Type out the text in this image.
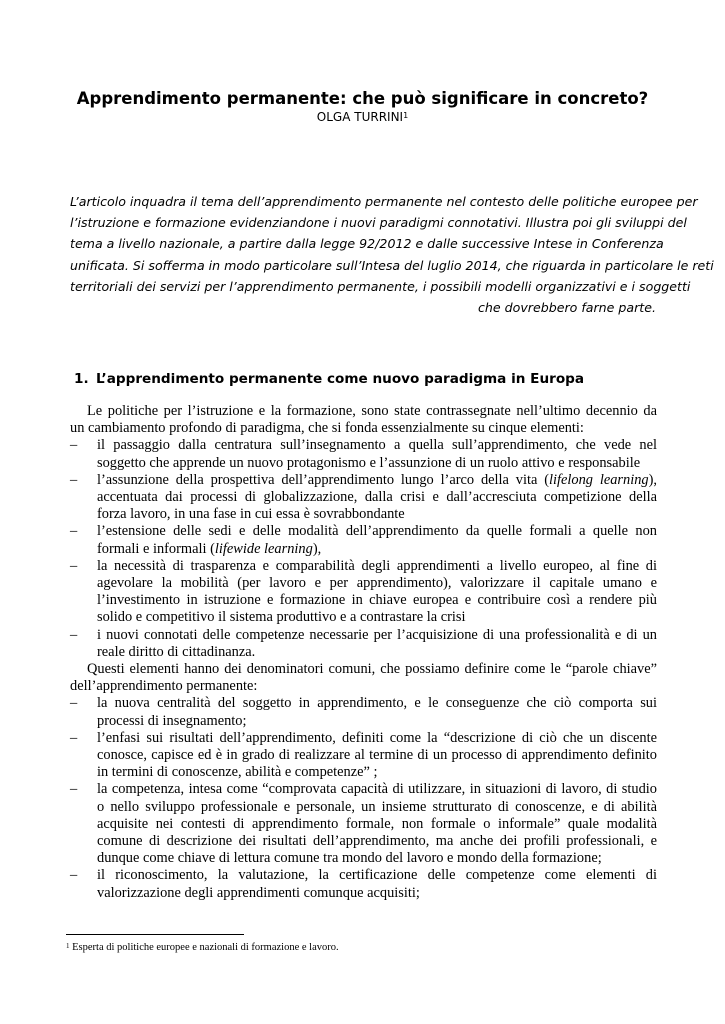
Apprendimento permanente: che può significare in concreto?
OLGA TURRINI$^1$
L’articolo inquadra il tema dell’apprendimento permanente nel contesto delle politiche europee per
l’istruzione e formazione evidenziandone i nuovi paradigmi connotativi. Illustra poi gli sviluppi del
tema a livello nazionale, a partire dalla legge 92/2012 e dalle successive Intese in Conferenza
unificata. Si sofferma in modo particolare sull’Intesa del luglio 2014, che riguarda in particolare le reti
territoriali dei servizi per l’apprendimento permanente, i possibili modelli organizzativi e i soggetti
che dovrebbero farne parte.
1. L’apprendimento permanente come nuovo paradigma in Europa
Le politiche per l’istruzione e la formazione, sono state contrassegnate nell’ultimo decennio da
un cambiamento profondo di paradigma, che si fonda essenzialmente su cinque elementi:
–	il passaggio dalla centratura sull’insegnamento a quella sull’apprendimento, che vede nel
soggetto che apprende un nuovo protagonismo e l’assunzione di un ruolo attivo e responsabile
–	l’assunzione della prospettiva dell’apprendimento lungo l’arco della vita (lifelong learning),
accentuata dai processi di globalizzazione, dalla crisi e dall’accresciuta competizione della
forza lavoro, in una fase in cui essa è sovrabbondante
–	l’estensione delle sedi e delle modalità dell’apprendimento da quelle formali a quelle non
formali e informali (lifewide learning),
–	la necessità di trasparenza e comparabilità degli apprendimenti a livello europeo, al fine di
agevolare la mobilità (per lavoro e per apprendimento), valorizzare il capitale umano e
l’investimento in istruzione e formazione in chiave europea e contribuire così a rendere più
solido e competitivo il sistema produttivo e a contrastare la crisi
–	i nuovi connotati delle competenze necessarie per l’acquisizione di una professionalità e di un
reale diritto di cittadinanza.
Questi elementi hanno dei denominatori comuni, che possiamo definire come le “parole chiave”
dell’apprendimento permanente:
–	la nuova centralità del soggetto in apprendimento, e le conseguenze che ciò comporta sui
processi di insegnamento;
–	l’enfasi sui risultati dell’apprendimento, definiti come la “descrizione di ciò che un discente
conosce, capisce ed è in grado di realizzare al termine di un processo di apprendimento definito
in termini di conoscenze, abilità e competenze” ;
–	la competenza, intesa come “comprovata capacità di utilizzare, in situazioni di lavoro, di studio
o nello sviluppo professionale e personale, un insieme strutturato di conoscenze, e di abilità
acquisite nei contesti di apprendimento formale, non formale o informale” quale modalità
comune di descrizione dei risultati dell’apprendimento, ma anche dei profili professionali, e
dunque come chiave di lettura comune tra mondo del lavoro e mondo della formazione;
–	il riconoscimento, la valutazione, la certificazione delle competenze come elementi di
valorizzazione degli apprendimenti comunque acquisiti;
$^1$ Esperta di politiche europee e nazionali di formazione e lavoro.
